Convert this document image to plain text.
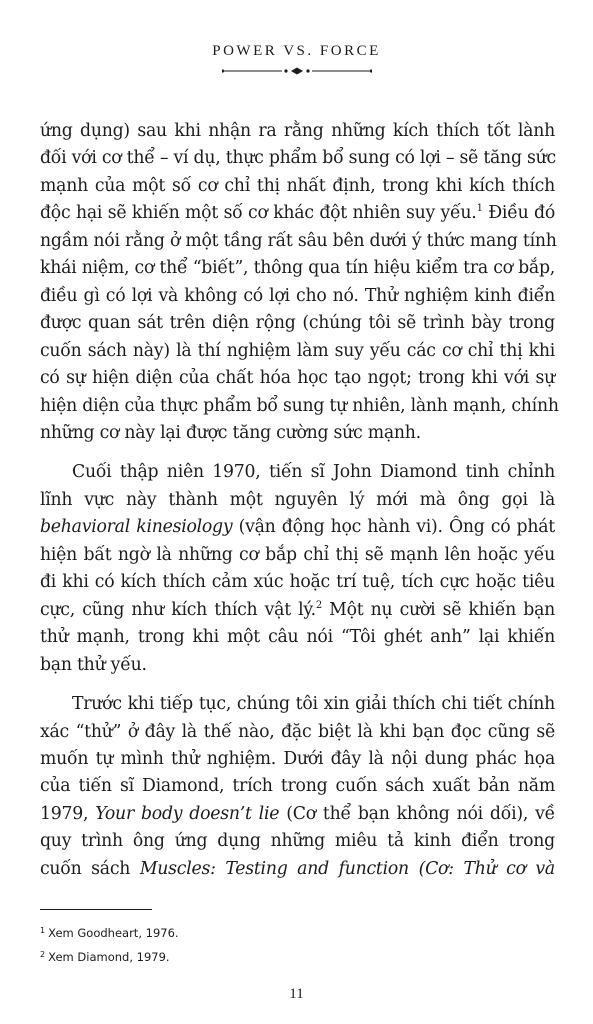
POWER VS. FORCE

ứng dụng) sau khi nhận ra rằng những kích thích tốt lành
đối với cơ thể – ví dụ, thực phẩm bổ sung có lợi – sẽ tăng sức
mạnh của một số cơ chỉ thị nhất định, trong khi kích thích
độc hại sẽ khiến một số cơ khác đột nhiên suy yếu.$^1$ Điều đó
ngầm nói rằng ở một tầng rất sâu bên dưới ý thức mang tính
khái niệm, cơ thể “biết”, thông qua tín hiệu kiểm tra cơ bắp,
điều gì có lợi và không có lợi cho nó. Thử nghiệm kinh điển
được quan sát trên diện rộng (chúng tôi sẽ trình bày trong
cuốn sách này) là thí nghiệm làm suy yếu các cơ chỉ thị khi
có sự hiện diện của chất hóa học tạo ngọt; trong khi với sự
hiện diện của thực phẩm bổ sung tự nhiên, lành mạnh, chính
những cơ này lại được tăng cường sức mạnh.

Cuối thập niên 1970, tiến sĩ John Diamond tinh chỉnh
lĩnh vực này thành một nguyên lý mới mà ông gọi là
behavioral kinesiology (vận động học hành vi). Ông có phát
hiện bất ngờ là những cơ bắp chỉ thị sẽ mạnh lên hoặc yếu
đi khi có kích thích cảm xúc hoặc trí tuệ, tích cực hoặc tiêu
cực, cũng như kích thích vật lý.$^2$ Một nụ cười sẽ khiến bạn
thử mạnh, trong khi một câu nói “Tôi ghét anh” lại khiến
bạn thử yếu.

Trước khi tiếp tục, chúng tôi xin giải thích chi tiết chính
xác “thử” ở đây là thế nào, đặc biệt là khi bạn đọc cũng sẽ
muốn tự mình thử nghiệm. Dưới đây là nội dung phác họa
của tiến sĩ Diamond, trích trong cuốn sách xuất bản năm
1979, Your body doesn’t lie (Cơ thể bạn không nói dối), về
quy trình ông ứng dụng những miêu tả kinh điển trong
cuốn sách Muscles: Testing and function (Cơ: Thử cơ và

$^1$ Xem Goodheart, 1976.
$^2$ Xem Diamond, 1979.
11
